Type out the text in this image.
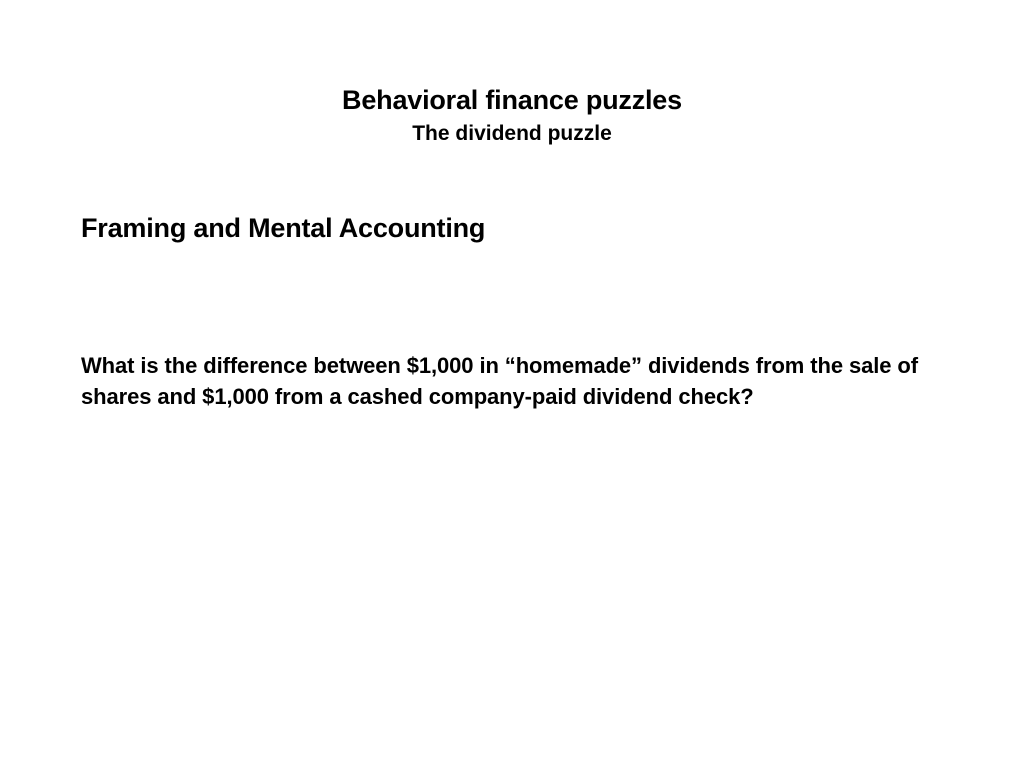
Behavioral finance puzzles
The dividend puzzle
Framing and Mental Accounting
What is the difference between $1,000 in “homemade” dividends from the sale of shares and $1,000 from a cashed company-paid dividend check?
